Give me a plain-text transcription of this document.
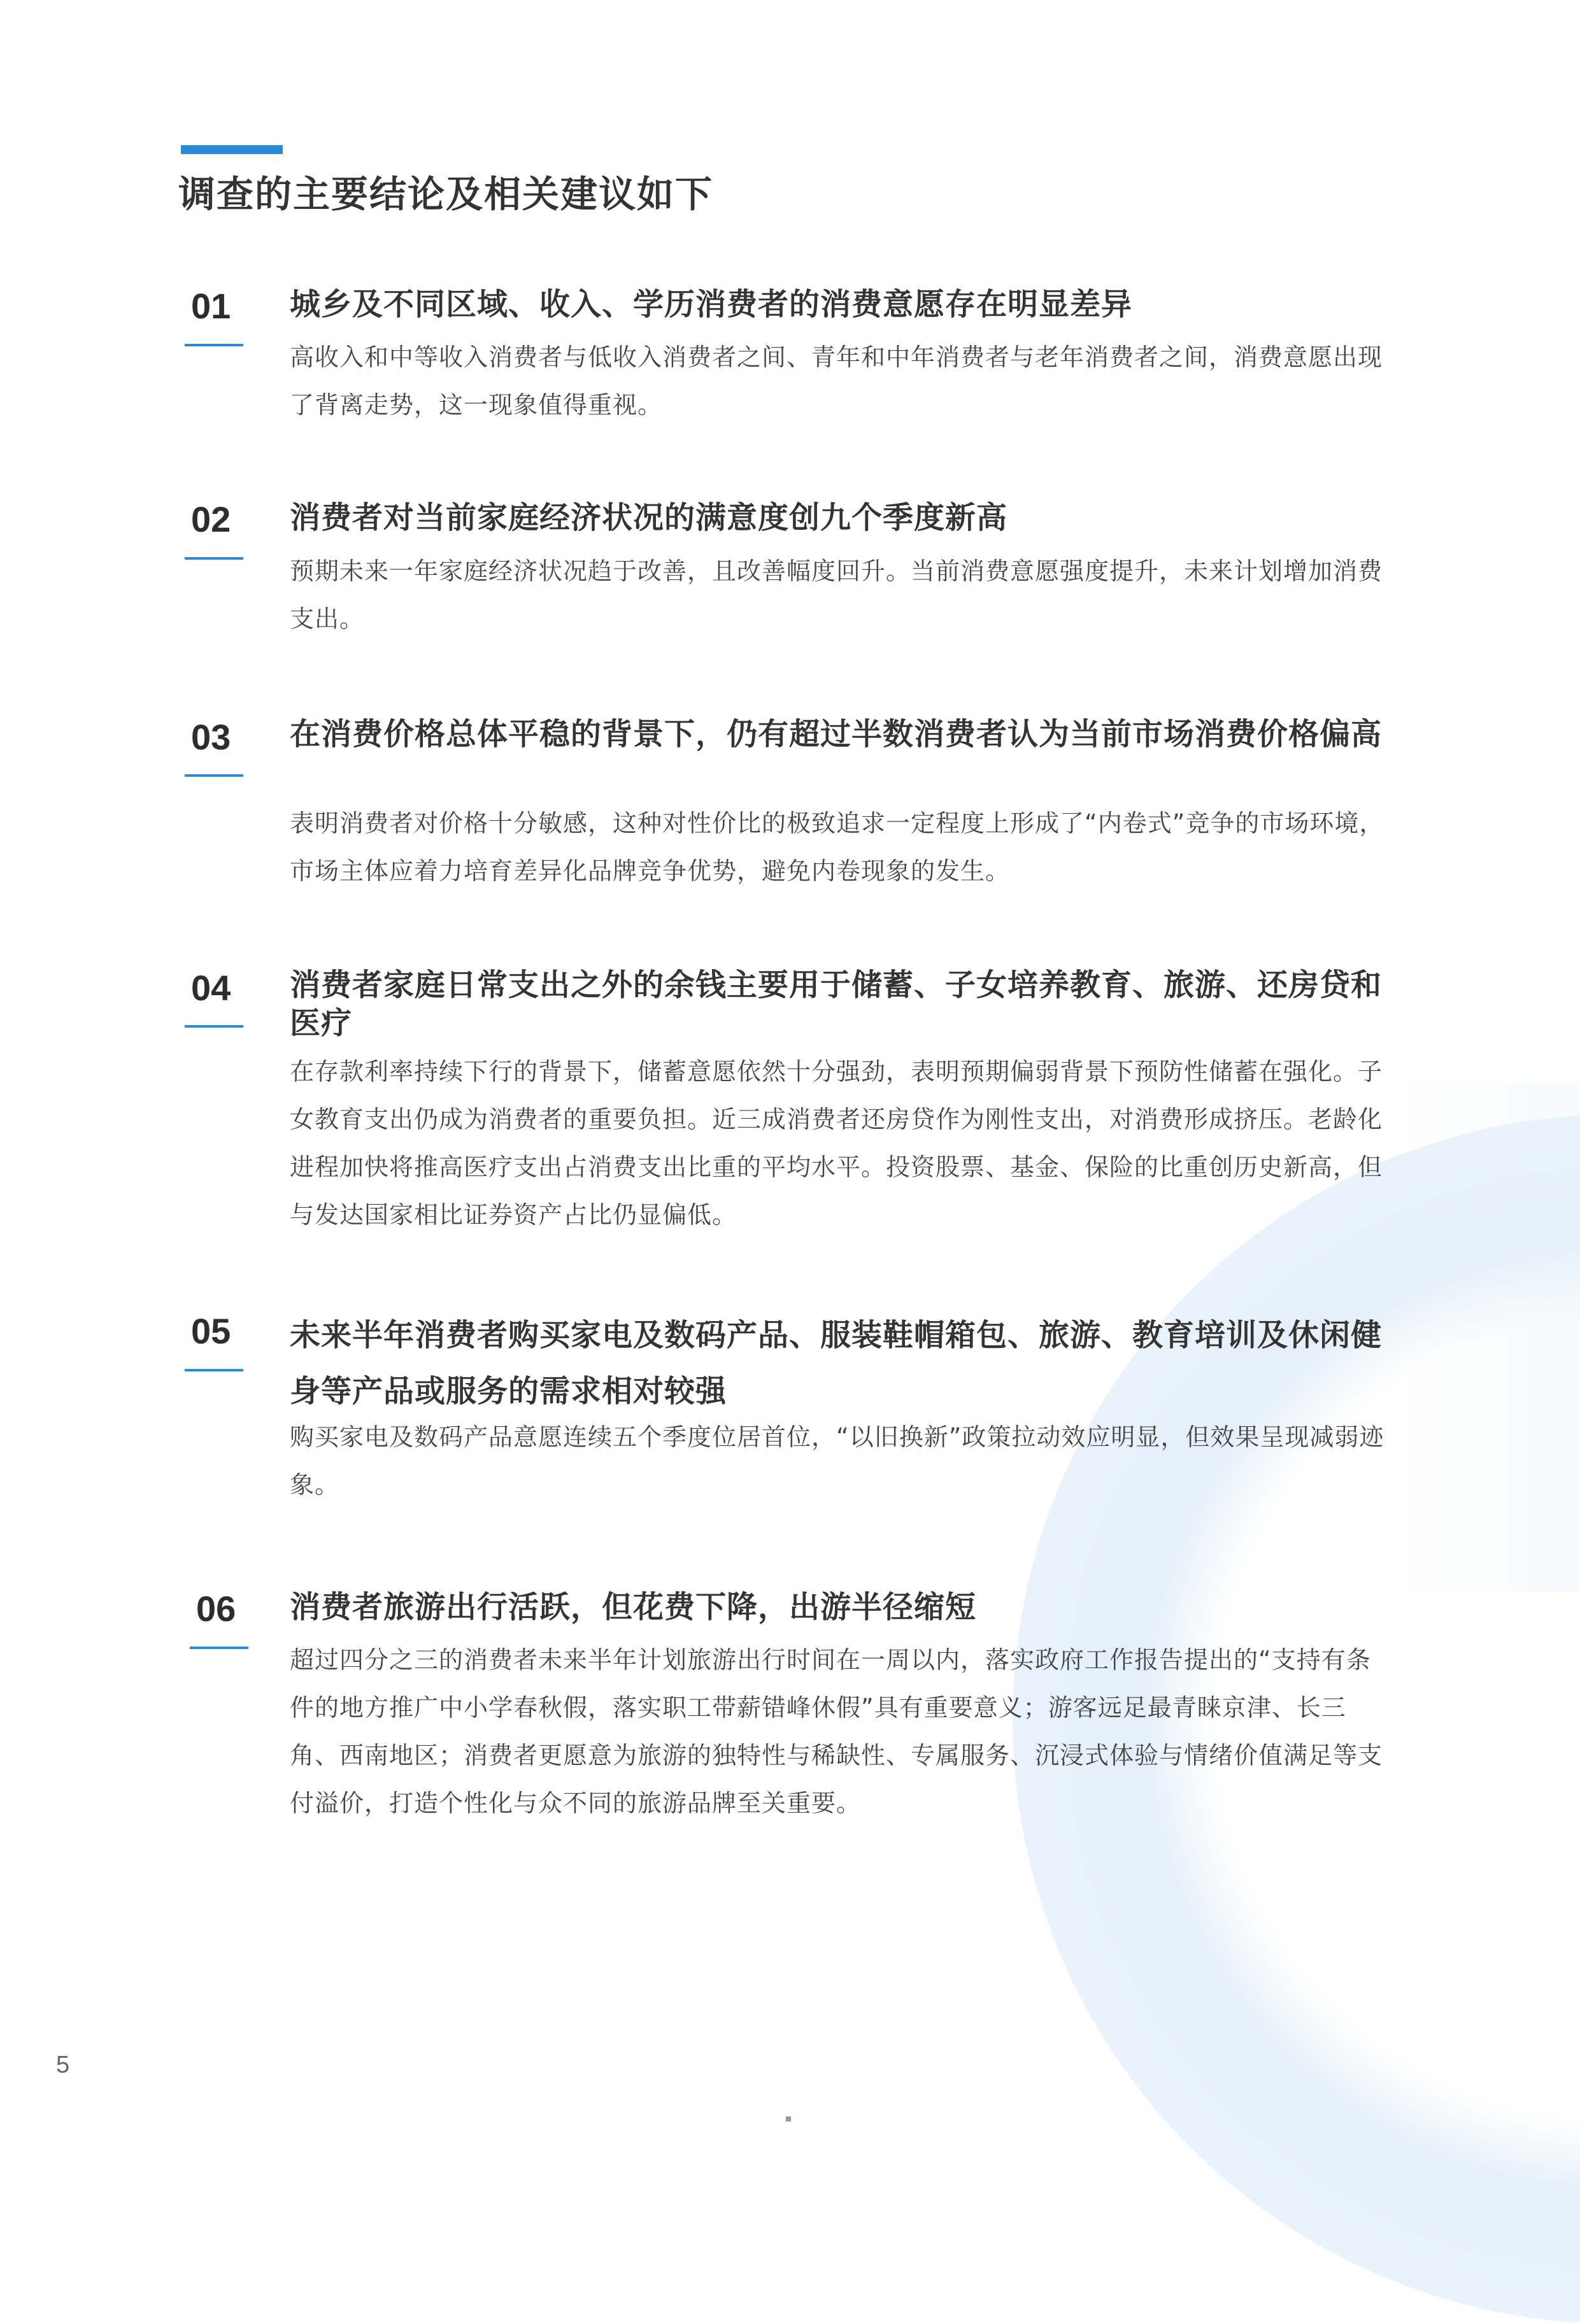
调查的主要结论及相关建议如下
01	城乡及不同区域、收入、学历消费者的消费意愿存在明显差异

高收入和中等收入消费者与低收入消费者之间、青年和中年消费者与老年消费者之间，消费意愿出现了背离走势，这一现象值得重视。

02	消费者对当前家庭经济状况的满意度创九个季度新高

预期未来一年家庭经济状况趋于改善，且改善幅度回升。当前消费意愿强度提升，未来计划增加消费支出。

03	在消费价格总体平稳的背景下，仍有超过半数消费者认为当前市场消费价格偏高

表明消费者对价格十分敏感，这种对性价比的极致追求一定程度上形成了“内卷式”竞争的市场环境，市场主体应着力培育差异化品牌竞争优势，避免内卷现象的发生。

04	消费者家庭日常支出之外的余钱主要用于储蓄、子女培养教育、旅游、还房贷和医疗

在存款利率持续下行的背景下，储蓄意愿依然十分强劲，表明预期偏弱背景下预防性储蓄在强化。子女教育支出仍成为消费者的重要负担。近三成消费者还房贷作为刚性支出，对消费形成挤压。老龄化进程加快将推高医疗支出占消费支出比重的平均水平。投资股票、基金、保险的比重创历史新高，但与发达国家相比证券资产占比仍显偏低。

05	未来半年消费者购买家电及数码产品、服装鞋帽箱包、旅游、教育培训及休闲健身等产品或服务的需求相对较强

购买家电及数码产品意愿连续五个季度位居首位，“以旧换新”政策拉动效应明显，但效果呈现减弱迹象。

06	消费者旅游出行活跃，但花费下降，出游半径缩短

超过四分之三的消费者未来半年计划旅游出行时间在一周以内，落实政府工作报告提出的“支持有条件的地方推广中小学春秋假，落实职工带薪错峰休假”具有重要意义；游客远足最青睐京津、长三角、西南地区；消费者更愿意为旅游的独特性与稀缺性、专属服务、沉浸式体验与情绪价值满足等支付溢价，打造个性化与众不同的旅游品牌至关重要。

5
